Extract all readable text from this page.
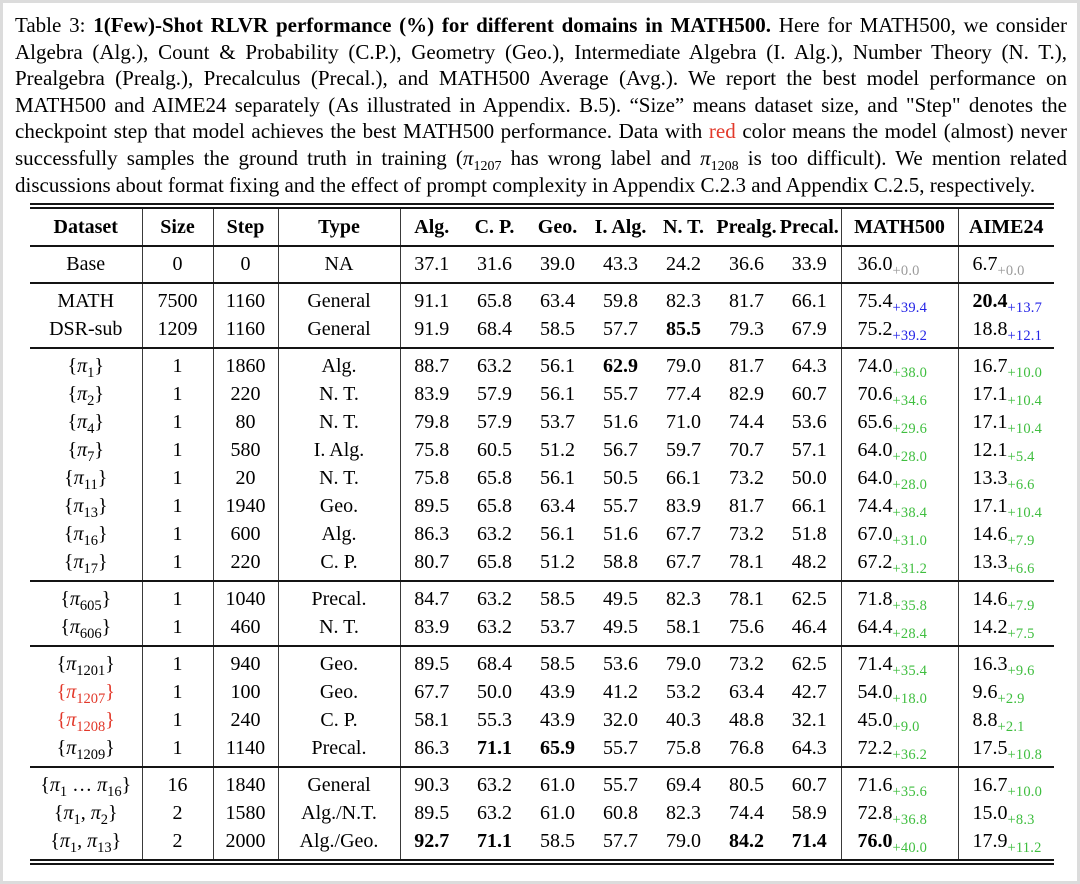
Table 3: 1(Few)-Shot RLVR performance (%) for different domains in MATH500. Here for MATH500, we consider Algebra (Alg.), Count & Probability (C.P.), Geometry (Geo.), Intermediate Algebra (I. Alg.), Number Theory (N. T.), Prealgebra (Prealg.), Precalculus (Precal.), and MATH500 Average (Avg.). We report the best model performance on MATH500 and AIME24 separately (As illustrated in Appendix. B.5). “Size” means dataset size, and "Step" denotes the checkpoint step that model achieves the best MATH500 performance. Data with red color means the model (almost) never successfully samples the ground truth in training ($\pi_{1207}$ has wrong label and $\pi_{1208}$ is too difficult). We mention related discussions about format fixing and the effect of prompt complexity in Appendix C.2.3 and Appendix C.2.5, respectively.

Dataset	Size	Step	Type	Alg.	C. P.	Geo.	I. Alg.	N. T.	Prealg.	Precal.	MATH500	AIME24
Base	0	0	NA	37.1	31.6	39.0	43.3	24.2	36.6	33.9	$36.0_{+0.0}$	$6.7_{+0.0}$
MATH	7500	1160	General	91.1	65.8	63.4	59.8	82.3	81.7	66.1	$75.4_{+39.4}$	$20.4_{+13.7}$
DSR-sub	1209	1160	General	91.9	68.4	58.5	57.7	85.5	79.3	67.9	$75.2_{+39.2}$	$18.8_{+12.1}$
$\{\pi_1\}$	1	1860	Alg.	88.7	63.2	56.1	62.9	79.0	81.7	64.3	$74.0_{+38.0}$	$16.7_{+10.0}$
$\{\pi_2\}$	1	220	N. T.	83.9	57.9	56.1	55.7	77.4	82.9	60.7	$70.6_{+34.6}$	$17.1_{+10.4}$
$\{\pi_4\}$	1	80	N. T.	79.8	57.9	53.7	51.6	71.0	74.4	53.6	$65.6_{+29.6}$	$17.1_{+10.4}$
$\{\pi_7\}$	1	580	I. Alg.	75.8	60.5	51.2	56.7	59.7	70.7	57.1	$64.0_{+28.0}$	$12.1_{+5.4}$
$\{\pi_{11}\}$	1	20	N. T.	75.8	65.8	56.1	50.5	66.1	73.2	50.0	$64.0_{+28.0}$	$13.3_{+6.6}$
$\{\pi_{13}\}$	1	1940	Geo.	89.5	65.8	63.4	55.7	83.9	81.7	66.1	$74.4_{+38.4}$	$17.1_{+10.4}$
$\{\pi_{16}\}$	1	600	Alg.	86.3	63.2	56.1	51.6	67.7	73.2	51.8	$67.0_{+31.0}$	$14.6_{+7.9}$
$\{\pi_{17}\}$	1	220	C. P.	80.7	65.8	51.2	58.8	67.7	78.1	48.2	$67.2_{+31.2}$	$13.3_{+6.6}$
$\{\pi_{605}\}$	1	1040	Precal.	84.7	63.2	58.5	49.5	82.3	78.1	62.5	$71.8_{+35.8}$	$14.6_{+7.9}$
$\{\pi_{606}\}$	1	460	N. T.	83.9	63.2	53.7	49.5	58.1	75.6	46.4	$64.4_{+28.4}$	$14.2_{+7.5}$
$\{\pi_{1201}\}$	1	940	Geo.	89.5	68.4	58.5	53.6	79.0	73.2	62.5	$71.4_{+35.4}$	$16.3_{+9.6}$
$\{\pi_{1207}\}$	1	100	Geo.	67.7	50.0	43.9	41.2	53.2	63.4	42.7	$54.0_{+18.0}$	$9.6_{+2.9}$
$\{\pi_{1208}\}$	1	240	C. P.	58.1	55.3	43.9	32.0	40.3	48.8	32.1	$45.0_{+9.0}$	$8.8_{+2.1}$
$\{\pi_{1209}\}$	1	1140	Precal.	86.3	71.1	65.9	55.7	75.8	76.8	64.3	$72.2_{+36.2}$	$17.5_{+10.8}$
{$\pi_1$ … $\pi_{16}$}	16	1840	General	90.3	63.2	61.0	55.7	69.4	80.5	60.7	$71.6_{+35.6}$	$16.7_{+10.0}$
{$\pi_1$, $\pi_2$}	2	1580	Alg./N.T.	89.5	63.2	61.0	60.8	82.3	74.4	58.9	$72.8_{+36.8}$	$15.0_{+8.3}$
{$\pi_1$, $\pi_{13}$}	2	2000	Alg./Geo.	92.7	71.1	58.5	57.7	79.0	84.2	71.4	$76.0_{+40.0}$	$17.9_{+11.2}$
